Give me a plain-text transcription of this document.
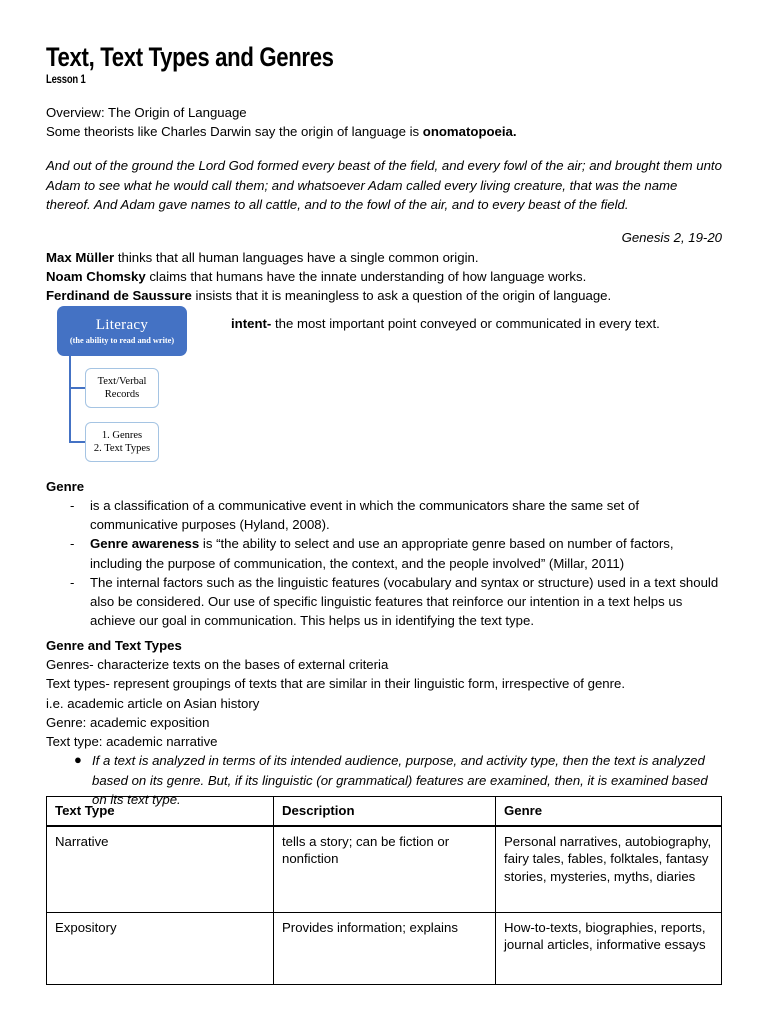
Text, Text Types and Genres
Lesson 1
Overview: The Origin of Language
Some theorists like Charles Darwin say the origin of language is onomatopoeia.

And out of the ground the Lord God formed every beast of the field, and every fowl of the air; and brought them unto Adam to see what he would call them; and whatsoever Adam called every living creature, that was the name thereof. And Adam gave names to all cattle, and to the fowl of the air, and to every beast of the field.

Genesis 2, 19-20
Max Müller thinks that all human languages have a single common origin.
Noam Chomsky claims that humans have the innate understanding of how language works.
Ferdinand de Saussure insists that it is meaningless to ask a question of the origin of language.
Literacy
(the ability to read and write)
Text/Verbal
Records
1. Genres
2. Text Types
intent- the most important point conveyed or communicated in every text.
Genre
- is a classification of a communicative event in which the communicators share the same set of communicative purposes (Hyland, 2008).
- Genre awareness is “the ability to select and use an appropriate genre based on number of factors, including the purpose of communication, the context, and the people involved” (Millar, 2011)
- The internal factors such as the linguistic features (vocabulary and syntax or structure) used in a text should also be considered. Our use of specific linguistic features that reinforce our intention in a text helps us achieve our goal in communication. This helps us in identifying the text type.
Genre and Text Types
Genres- characterize texts on the bases of external criteria
Text types- represent groupings of texts that are similar in their linguistic form, irrespective of genre.
i.e. academic article on Asian history
Genre: academic exposition
Text type: academic narrative
● If a text is analyzed in terms of its intended audience, purpose, and activity type, then the text is analyzed based on its genre. But, if its linguistic (or grammatical) features are examined, then, it is examined based on its text type.
Text Type	Description	Genre
Narrative	tells a story; can be fiction or nonfiction	Personal narratives, autobiography, fairy tales, fables, folktales, fantasy stories, mysteries, myths, diaries
Expository	Provides information; explains	How-to-texts, biographies, reports, journal articles, informative essays
